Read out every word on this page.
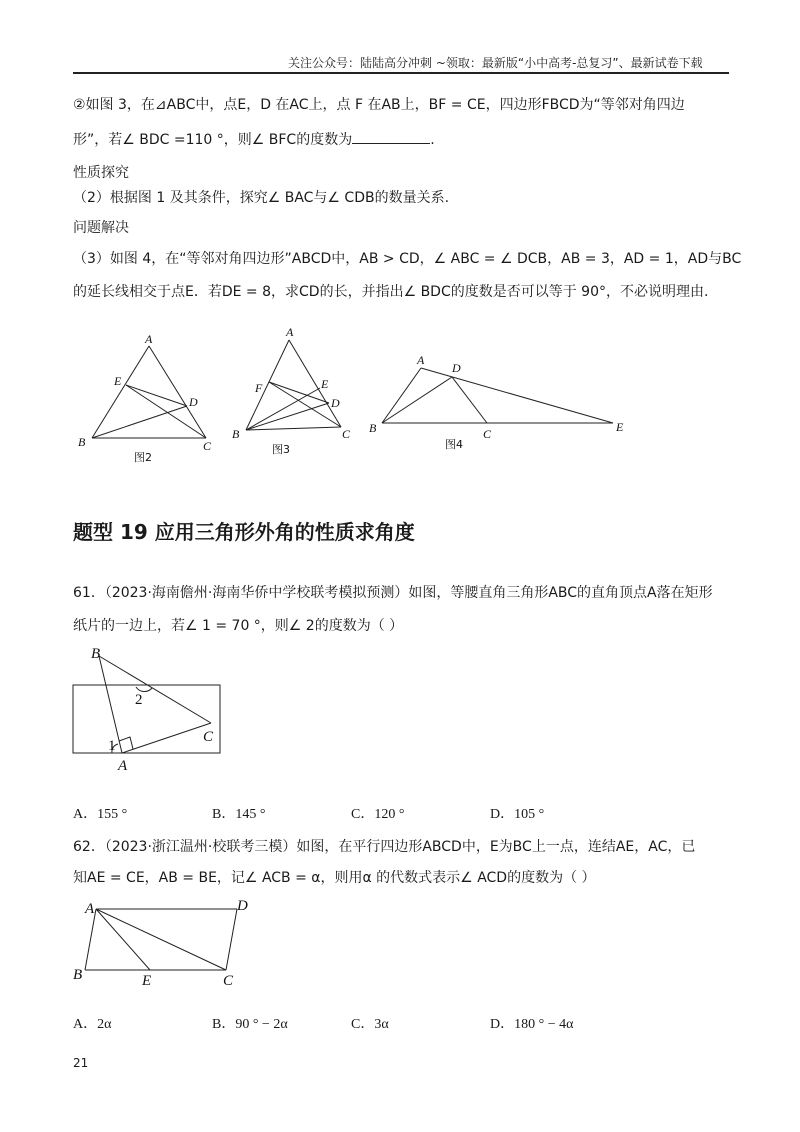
关注公众号：陆陆高分冲刺 ~领取：最新版“小中高考-总复习”、最新试卷下载
②如图 3，在⊿ABC中，点E，D 在AC上，点 F 在AB上，BF = CE，四边形FBCD为“等邻对角四边
形”，若∠ BDC =110 °，则∠ BFC的度数为	.
性质探究
（2）根据图 1 及其条件，探究∠ BAC与∠ CDB的数量关系.
问题解决
（3）如图 4，在“等邻对角四边形”ABCD中，AB > CD，∠ ABC = ∠ DCB，AB = 3，AD = 1，AD与BC
的延长线相交于点E．若DE = 8，求CD的长，并指出∠ BDC的度数是否可以等于 90°，不必说明理由.
A
E
D
B	C
图2
A
F	E
D
B	C
图3
A
D
B	C	E
图4
题型 19 应用三角形外角的性质求角度
61．（2023·海南儋州·海南华侨中学校联考模拟预测）如图，等腰直角三角形ABC的直角顶点A落在矩形
纸片的一边上，若∠ 1 = 70 °，则∠ 2的度数为（ ）
B
C
A
1
2
A．155 °	B．145 °	C．120 °	D．105 °
62．（2023·浙江温州·校联考三模）如图，在平行四边形ABCD中，E为BC上一点，连结AE，AC，已
知AE = CE，AB = BE，记∠ ACB = α，则用α 的代数式表示∠ ACD的度数为（ ）
A	D
B	E	C
A．2α	B．90 ° − 2α	C．3α	D．180 ° − 4α
21
